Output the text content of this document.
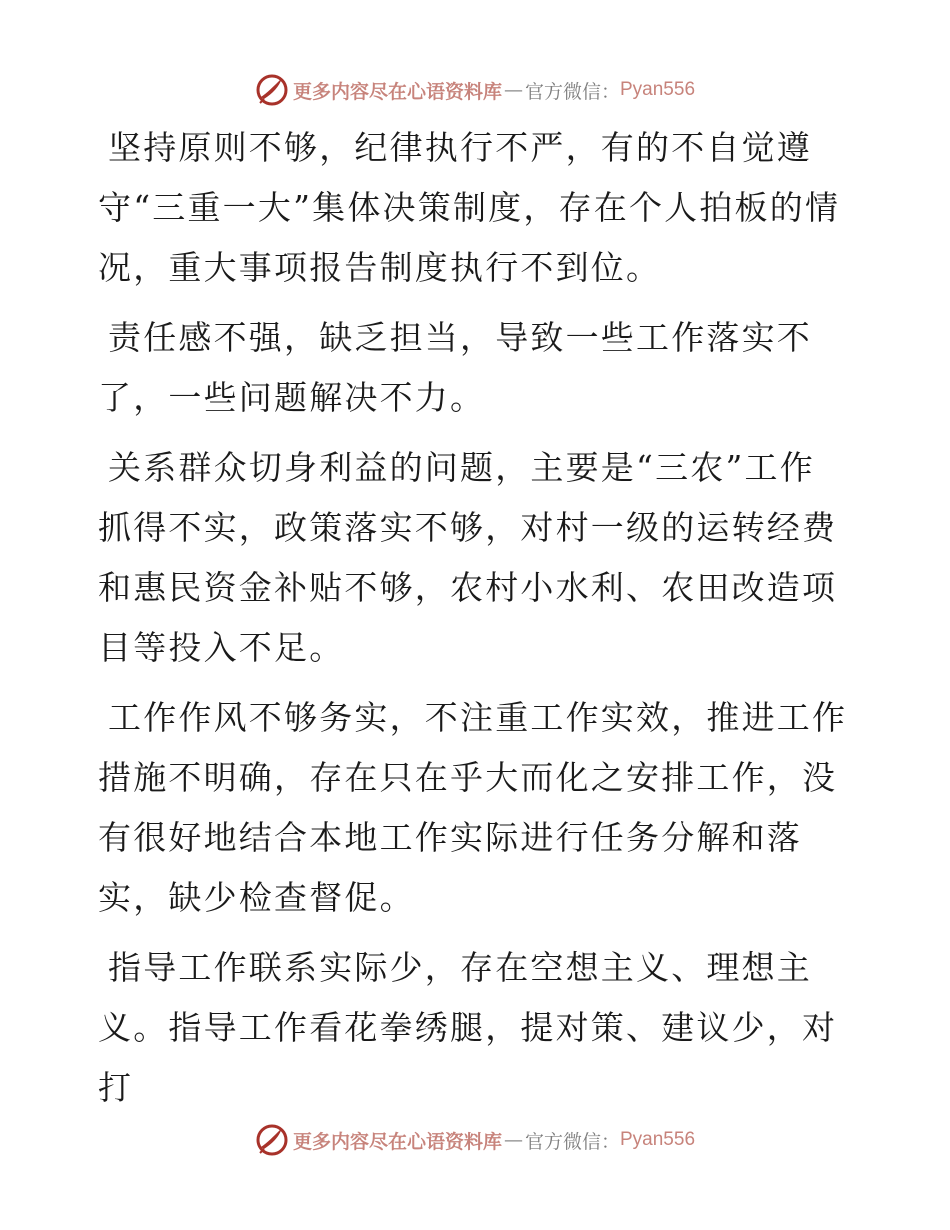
更多内容尽在心语资料库 — 官方微信： Pyan556

坚持原则不够，纪律执行不严，有的不自觉遵守“三重一大”集体决策制度，存在个人拍板的情况，重大事项报告制度执行不到位。

责任感不强，缺乏担当，导致一些工作落实不了，一些问题解决不力。

关系群众切身利益的问题，主要是“三农”工作抓得不实，政策落实不够，对村一级的运转经费和惠民资金补贴不够，农村小水利、农田改造项目等投入不足。

工作作风不够务实，不注重工作实效，推进工作措施不明确，存在只在乎大而化之安排工作，没有很好地结合本地工作实际进行任务分解和落实，缺少检查督促。

指导工作联系实际少，存在空想主义、理想主义。指导工作看花拳绣腿，提对策、建议少，对打

更多内容尽在心语资料库 — 官方微信： Pyan556
